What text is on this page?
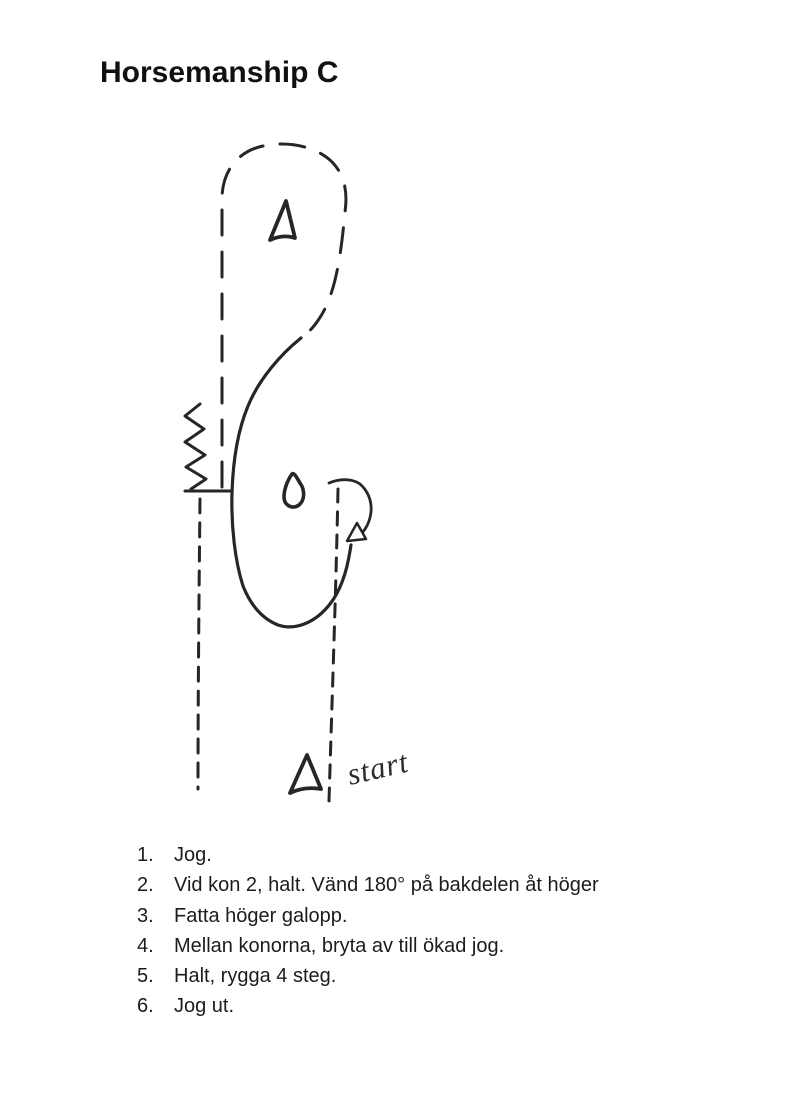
Horsemanship C
start
1.	Jog.
2.	Vid kon 2, halt. Vänd 180° på bakdelen åt höger
3.	Fatta höger galopp.
4.	Mellan konorna, bryta av till ökad jog.
5.	Halt, rygga 4 steg.
6.	Jog ut.
